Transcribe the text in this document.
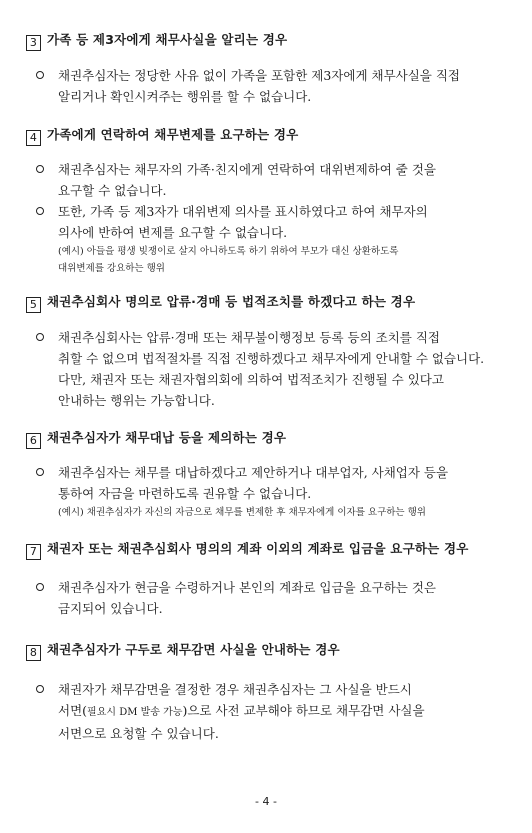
3 가족 등 제3자에게 채무사실을 알리는 경우
채권추심자는 정당한 사유 없이 가족을 포함한 제3자에게 채무사실을 직접
알리거나 확인시켜주는 행위를 할 수 없습니다.
4 가족에게 연락하여 채무변제를 요구하는 경우
채권추심자는 채무자의 가족·친지에게 연락하여 대위변제하여 줄 것을
요구할 수 없습니다.
또한, 가족 등 제3자가 대위변제 의사를 표시하였다고 하여 채무자의
의사에 반하여 변제를 요구할 수 없습니다.
(예시) 아들을 평생 빚쟁이로 살지 아니하도록 하기 위하여 부모가 대신 상환하도록
대위변제를 강요하는 행위
5 채권추심회사 명의로 압류·경매 등 법적조치를 하겠다고 하는 경우
채권추심회사는 압류·경매 또는 채무불이행정보 등록 등의 조치를 직접
취할 수 없으며 법적절차를 직접 진행하겠다고 채무자에게 안내할 수 없습니다.
다만, 채권자 또는 채권자협의회에 의하여 법적조치가 진행될 수 있다고
안내하는 행위는 가능합니다.
6 채권추심자가 채무대납 등을 제의하는 경우
채권추심자는 채무를 대납하겠다고 제안하거나 대부업자, 사채업자 등을
통하여 자금을 마련하도록 권유할 수 없습니다.
(예시) 채권추심자가 자신의 자금으로 채무를 변제한 후 채무자에게 이자를 요구하는 행위
7 채권자 또는 채권추심회사 명의의 계좌 이외의 계좌로 입금을 요구하는 경우
채권추심자가 현금을 수령하거나 본인의 계좌로 입금을 요구하는 것은
금지되어 있습니다.
8 채권추심자가 구두로 채무감면 사실을 안내하는 경우
채권자가 채무감면을 결정한 경우 채권추심자는 그 사실을 반드시
서면(필요시 DM 발송 가능)으로 사전 교부해야 하므로 채무감면 사실을
서면으로 요청할 수 있습니다.
- 4 -
